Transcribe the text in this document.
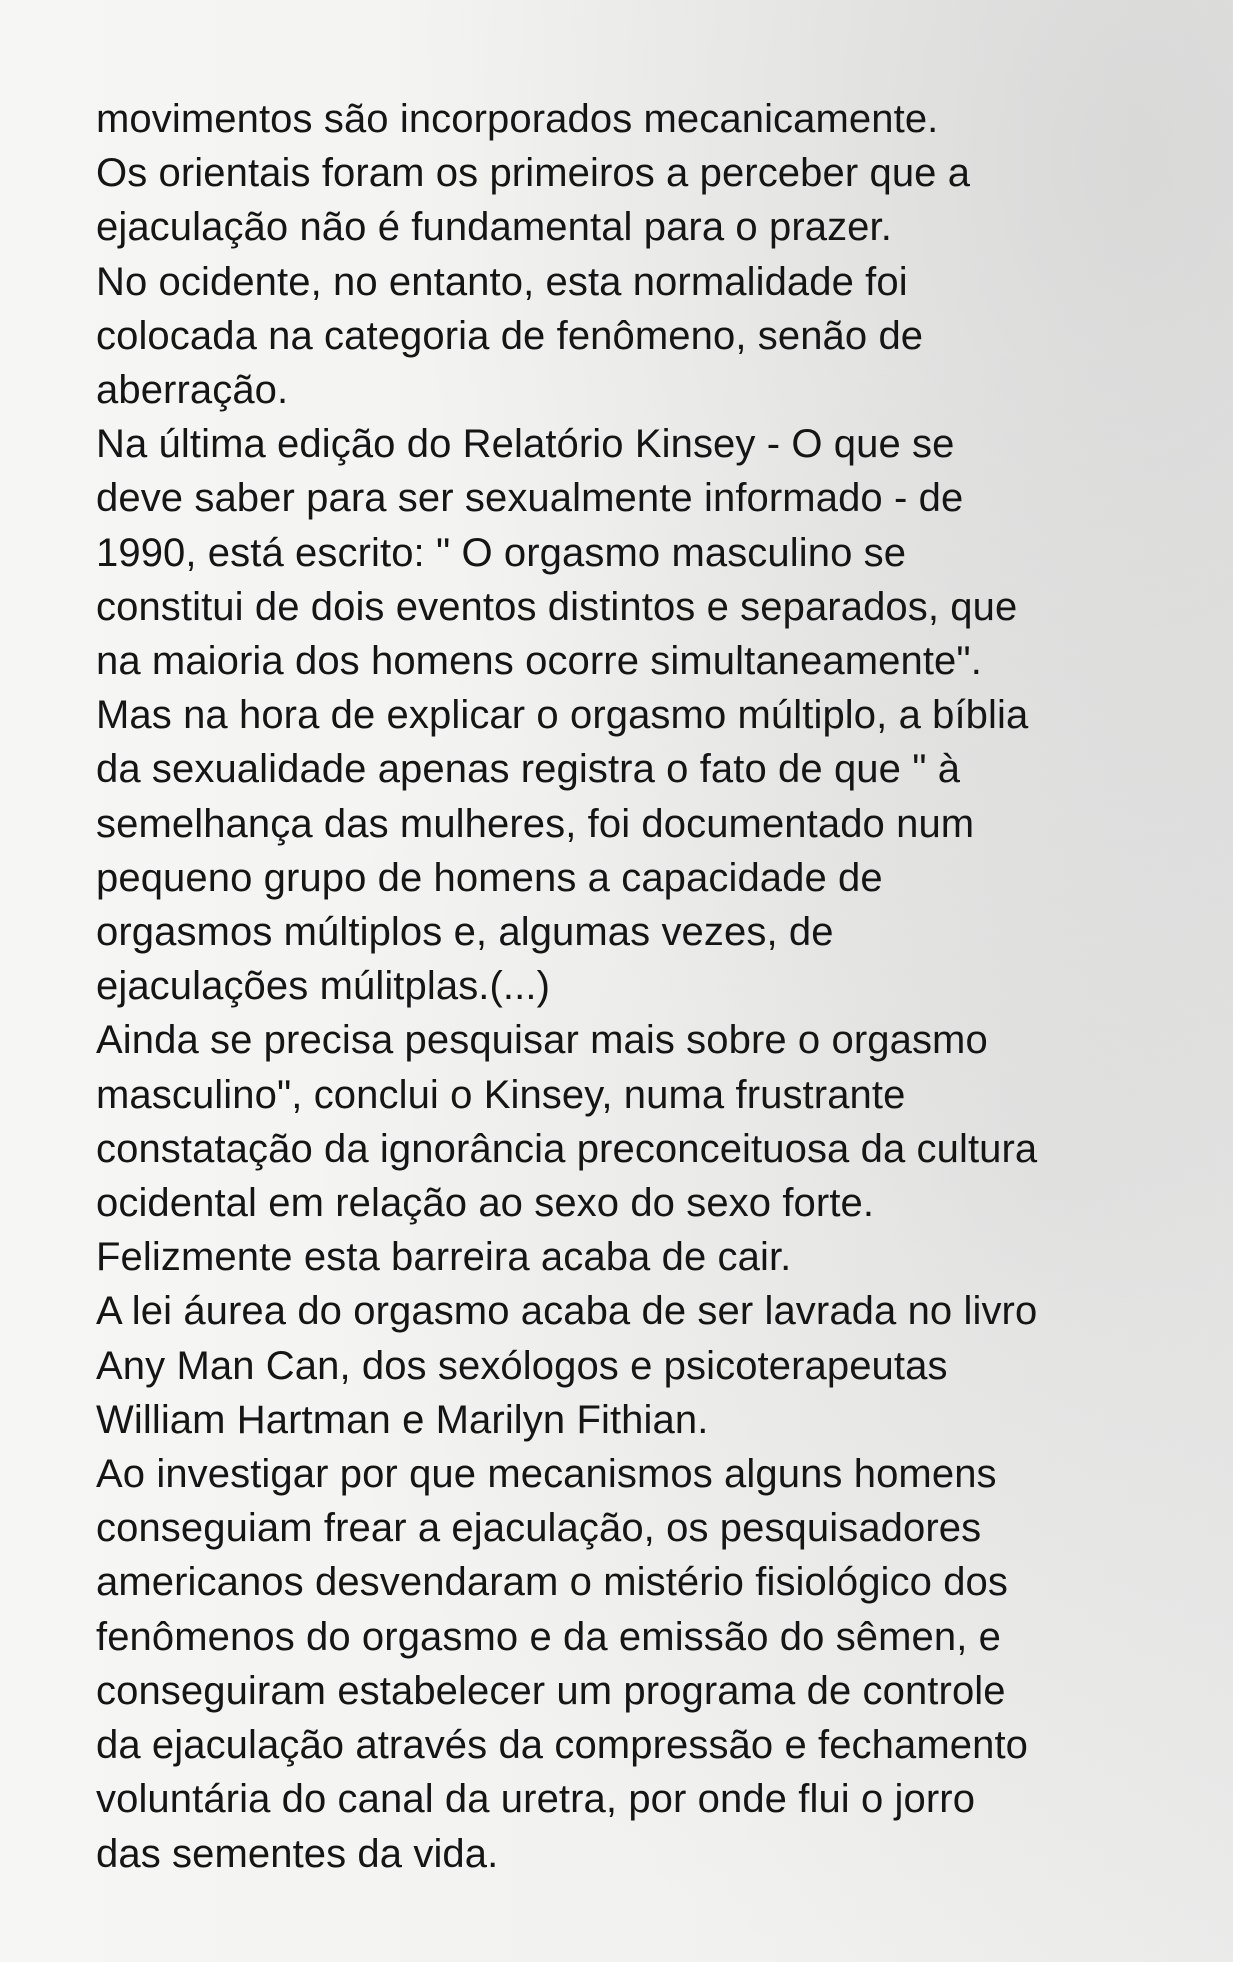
movimentos são incorporados mecanicamente.
Os orientais foram os primeiros a perceber que a
ejaculação não é fundamental para o prazer.
No ocidente, no entanto, esta normalidade foi
colocada na categoria de fenômeno, senão de
aberração.
Na última edição do Relatório Kinsey - O que se
deve saber para ser sexualmente informado - de
1990, está escrito: " O orgasmo masculino se
constitui de dois eventos distintos e separados, que
na maioria dos homens ocorre simultaneamente".
Mas na hora de explicar o orgasmo múltiplo, a bíblia
da sexualidade apenas registra o fato de que " à
semelhança das mulheres, foi documentado num
pequeno grupo de homens a capacidade de
orgasmos múltiplos e, algumas vezes, de
ejaculações múlitplas.(...)
Ainda se precisa pesquisar mais sobre o orgasmo
masculino", conclui o Kinsey, numa frustrante
constatação da ignorância preconceituosa da cultura
ocidental em relação ao sexo do sexo forte.
Felizmente esta barreira acaba de cair.
A lei áurea do orgasmo acaba de ser lavrada no livro
Any Man Can, dos sexólogos e psicoterapeutas
William Hartman e Marilyn Fithian.
Ao investigar por que mecanismos alguns homens
conseguiam frear a ejaculação, os pesquisadores
americanos desvendaram o mistério fisiológico dos
fenômenos do orgasmo e da emissão do sêmen, e
conseguiram estabelecer um programa de controle
da ejaculação através da compressão e fechamento
voluntária do canal da uretra, por onde flui o jorro
das sementes da vida.
